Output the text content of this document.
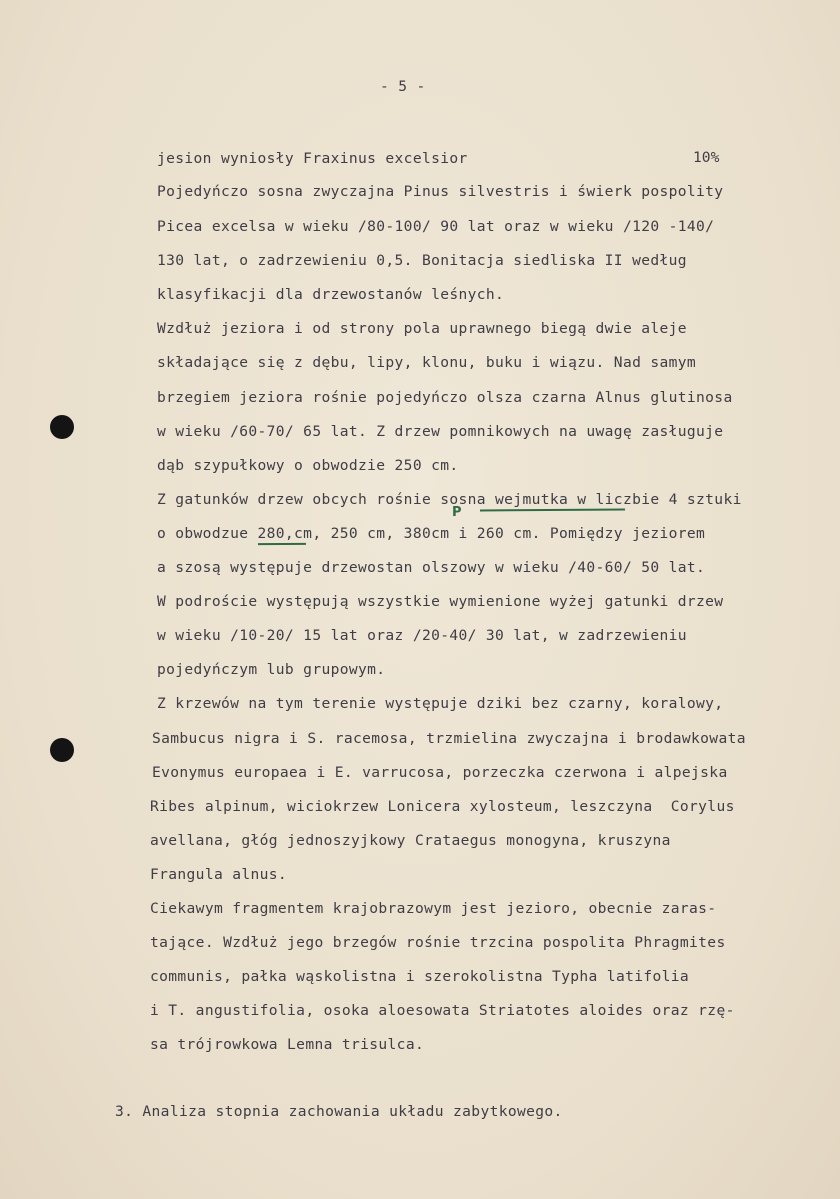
- 5 -
jesion wyniosły Fraxinus excelsior	10%
Pojedyńczo sosna zwyczajna Pinus silvestris i świerk pospolity
Picea excelsa w wieku /80-100/ 90 lat oraz w wieku /120 -140/
130 lat, o zadrzewieniu 0,5. Bonitacja siedliska II według
klasyfikacji dla drzewostanów leśnych.
Wzdłuż jeziora i od strony pola uprawnego biegą dwie aleje
składające się z dębu, lipy, klonu, buku i wiązu. Nad samym
brzegiem jeziora rośnie pojedyńczo olsza czarna Alnus glutinosa
w wieku /60-70/ 65 lat. Z drzew pomnikowych na uwagę zasługuje
dąb szypułkowy o obwodzie 250 cm.
Z gatunków drzew obcych rośnie sosna wejmutka w liczbie 4 sztuki
o obwodzue 280,cm, 250 cm, 380cm i 260 cm. Pomiędzy jeziorem
a szosą występuje drzewostan olszowy w wieku /40-60/ 50 lat.
W podroście występują wszystkie wymienione wyżej gatunki drzew
w wieku /10-20/ 15 lat oraz /20-40/ 30 lat, w zadrzewieniu
pojedyńczym lub grupowym.
Z krzewów na tym terenie występuje dziki bez czarny, koralowy,
Sambucus nigra i S. racemosa, trzmielina zwyczajna i brodawkowata
Evonymus europaea i E. varrucosa, porzeczka czerwona i alpejska
Ribes alpinum, wiciokrzew Lonicera xylosteum, leszczyna  Corylus
avellana, głóg jednoszyjkowy Crataegus monogyna, kruszyna
Frangula alnus.
Ciekawym fragmentem krajobrazowym jest jezioro, obecnie zaras-
tające. Wzdłuż jego brzegów rośnie trzcina pospolita Phragmites
communis, pałka wąskolistna i szerokolistna Typha latifolia
i T. angustifolia, osoka aloesowata Striatotes aloides oraz rzę-
sa trójrowkowa Lemna trisulca.
3. Analiza stopnia zachowania układu zabytkowego.
P
